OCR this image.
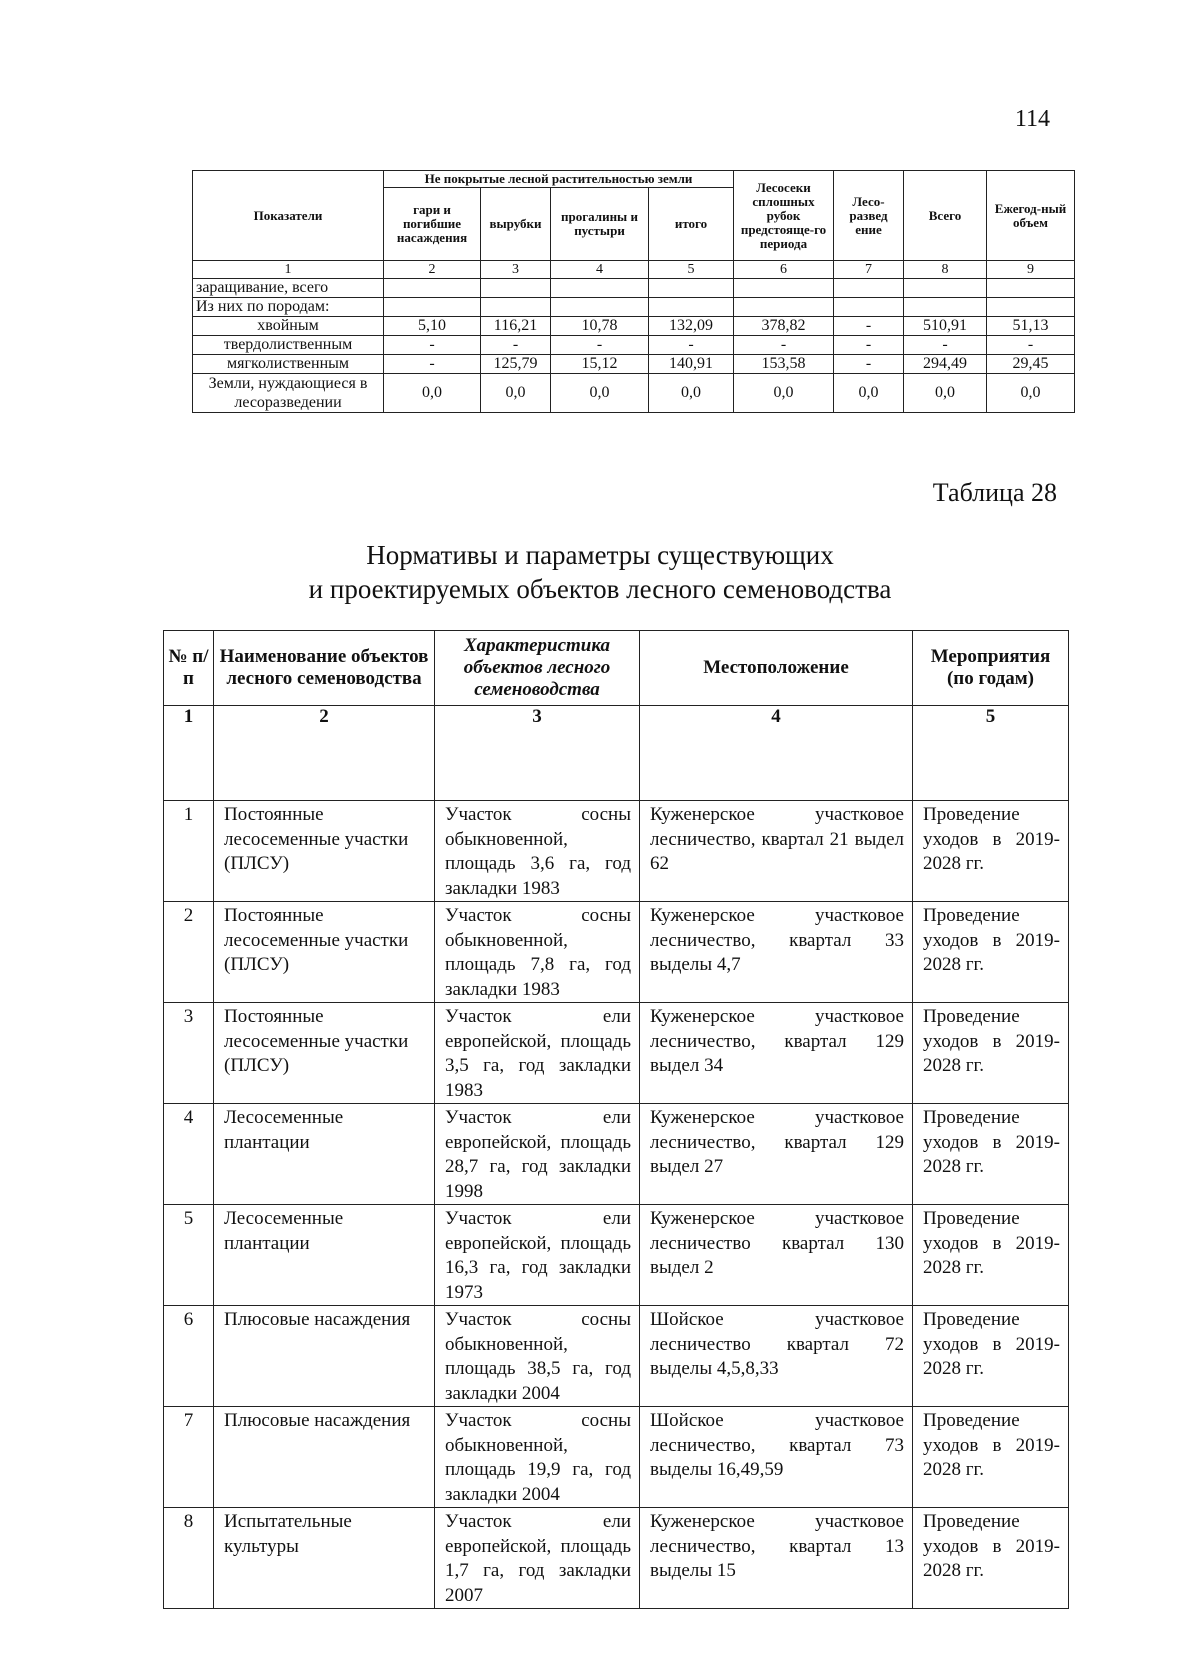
114
Показатели	Не покрытые лесной растительностью земли				Лесосеки сплошных рубок предстояще-го периода	Лесо-развед ение	Всего	Ежегод-ный объем
	гари и погибшие насаждения	вырубки	прогалины и пустыри	итого				
1	2	3	4	5	6	7	8	9
заращивание, всего								
Из них по породам:								
хвойным	5,10	116,21	10,78	132,09	378,82	-	510,91	51,13
твердолиственным	-	-	-	-	-	-	-	-
мягколиственным	-	125,79	15,12	140,91	153,58	-	294,49	29,45
Земли, нуждающиеся в лесоразведении	0,0	0,0	0,0	0,0	0,0	0,0	0,0	0,0
Таблица 28
Нормативы и параметры существующих
и проектируемых объектов лесного семеноводства
№ п/п	Наименование объектов лесного семеноводства	Характеристика объектов лесного семеноводства	Местоположение	Мероприятия (по годам)
1	2	3	4	5
1	Постоянные лесосеменные участки (ПЛСУ)	Участок сосны обыкновенной, площадь 3,6 га, год закладки 1983	Куженерское участковое лесничество, квартал 21 выдел 62	Проведение уходов в 2019-2028 гг.
2	Постоянные лесосеменные участки (ПЛСУ)	Участок сосны обыкновенной, площадь 7,8 га, год закладки 1983	Куженерское участковое лесничество, квартал 33 выделы 4,7	Проведение уходов в 2019-2028 гг.
3	Постоянные лесосеменные участки (ПЛСУ)	Участок ели европейской, площадь 3,5 га, год закладки 1983	Куженерское участковое лесничество, квартал 129 выдел 34	Проведение уходов в 2019-2028 гг.
4	Лесосеменные плантации	Участок ели европейской, площадь 28,7 га, год закладки 1998	Куженерское участковое лесничество, квартал 129 выдел 27	Проведение уходов в 2019-2028 гг.
5	Лесосеменные плантации	Участок ели европейской, площадь 16,3 га, год закладки 1973	Куженерское участковое лесничество квартал 130 выдел 2	Проведение уходов в 2019-2028 гг.
6	Плюсовые насаждения	Участок сосны обыкновенной, площадь 38,5 га, год закладки 2004	Шойское участковое лесничество квартал 72 выделы 4,5,8,33	Проведение уходов в 2019-2028 гг.
7	Плюсовые насаждения	Участок сосны обыкновенной, площадь 19,9 га, год закладки 2004	Шойское участковое лесничество, квартал 73 выделы 16,49,59	Проведение уходов в 2019-2028 гг.
8	Испытательные культуры	Участок ели европейской, площадь 1,7 га, год закладки 2007	Куженерское участковое лесничество, квартал 13 выделы 15	Проведение уходов в 2019-2028 гг.
